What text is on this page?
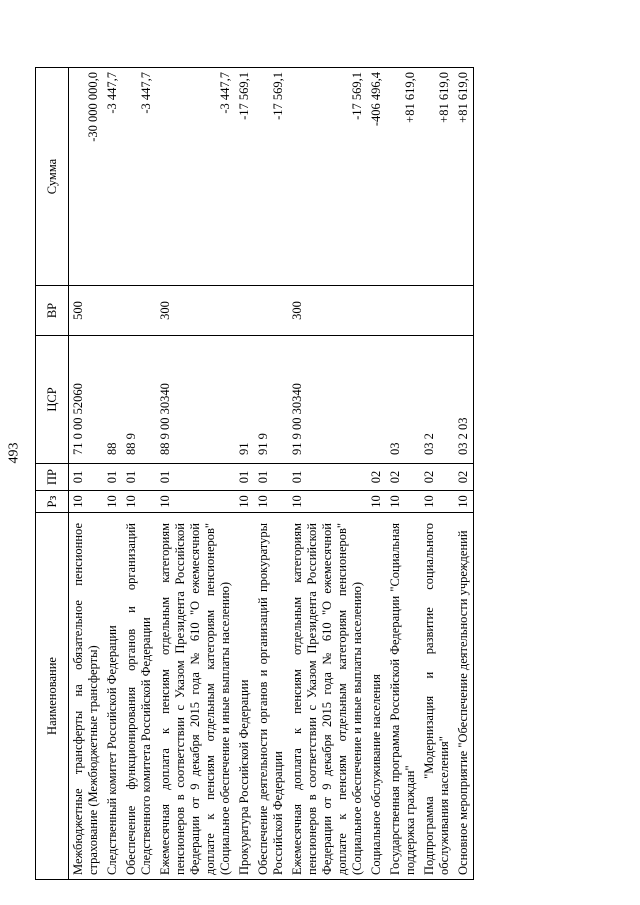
493
Наименование	Рз	ПР	ЦСР	ВР	Сумма
Межбюджетные трансферты на обязательное пенсионное страхование (Межбюджетные трансферты)	10	01	71 0 00 52060	500	-30 000 000,0
Следственный комитет Российской Федерации	10	01	88		-3 447,7
Обеспечение функционирования органов и организаций Следственного комитета Российской Федерации	10	01	88 9		-3 447,7
Ежемесячная доплата к пенсиям отдельным категориям пенсионеров в соответствии с Указом Президента Российской Федерации от 9 декабря 2015 года № 610 "О ежемесячной доплате к пенсиям отдельным категориям пенсионеров" (Социальное обеспечение и иные выплаты населению)	10	01	88 9 00 30340	300	-3 447,7
Прокуратура Российской Федерации	10	01	91		-17 569,1
Обеспечение деятельности органов и организаций прокуратуры Российской Федерации	10	01	91 9		-17 569,1
Ежемесячная доплата к пенсиям отдельным категориям пенсионеров в соответствии с Указом Президента Российской Федерации от 9 декабря 2015 года № 610 "О ежемесячной доплате к пенсиям отдельным категориям пенсионеров" (Социальное обеспечение и иные выплаты населению)	10	01	91 9 00 30340	300	-17 569,1
Социальное обслуживание населения	10	02			-406 496,4
Государственная программа Российской Федерации "Социальная поддержка граждан"	10	02	03		+81 619,0
Подпрограмма "Модернизация и развитие социального обслуживания населения"	10	02	03 2		+81 619,0
Основное мероприятие "Обеспечение деятельности учреждений	10	02	03 2 03		+81 619,0
